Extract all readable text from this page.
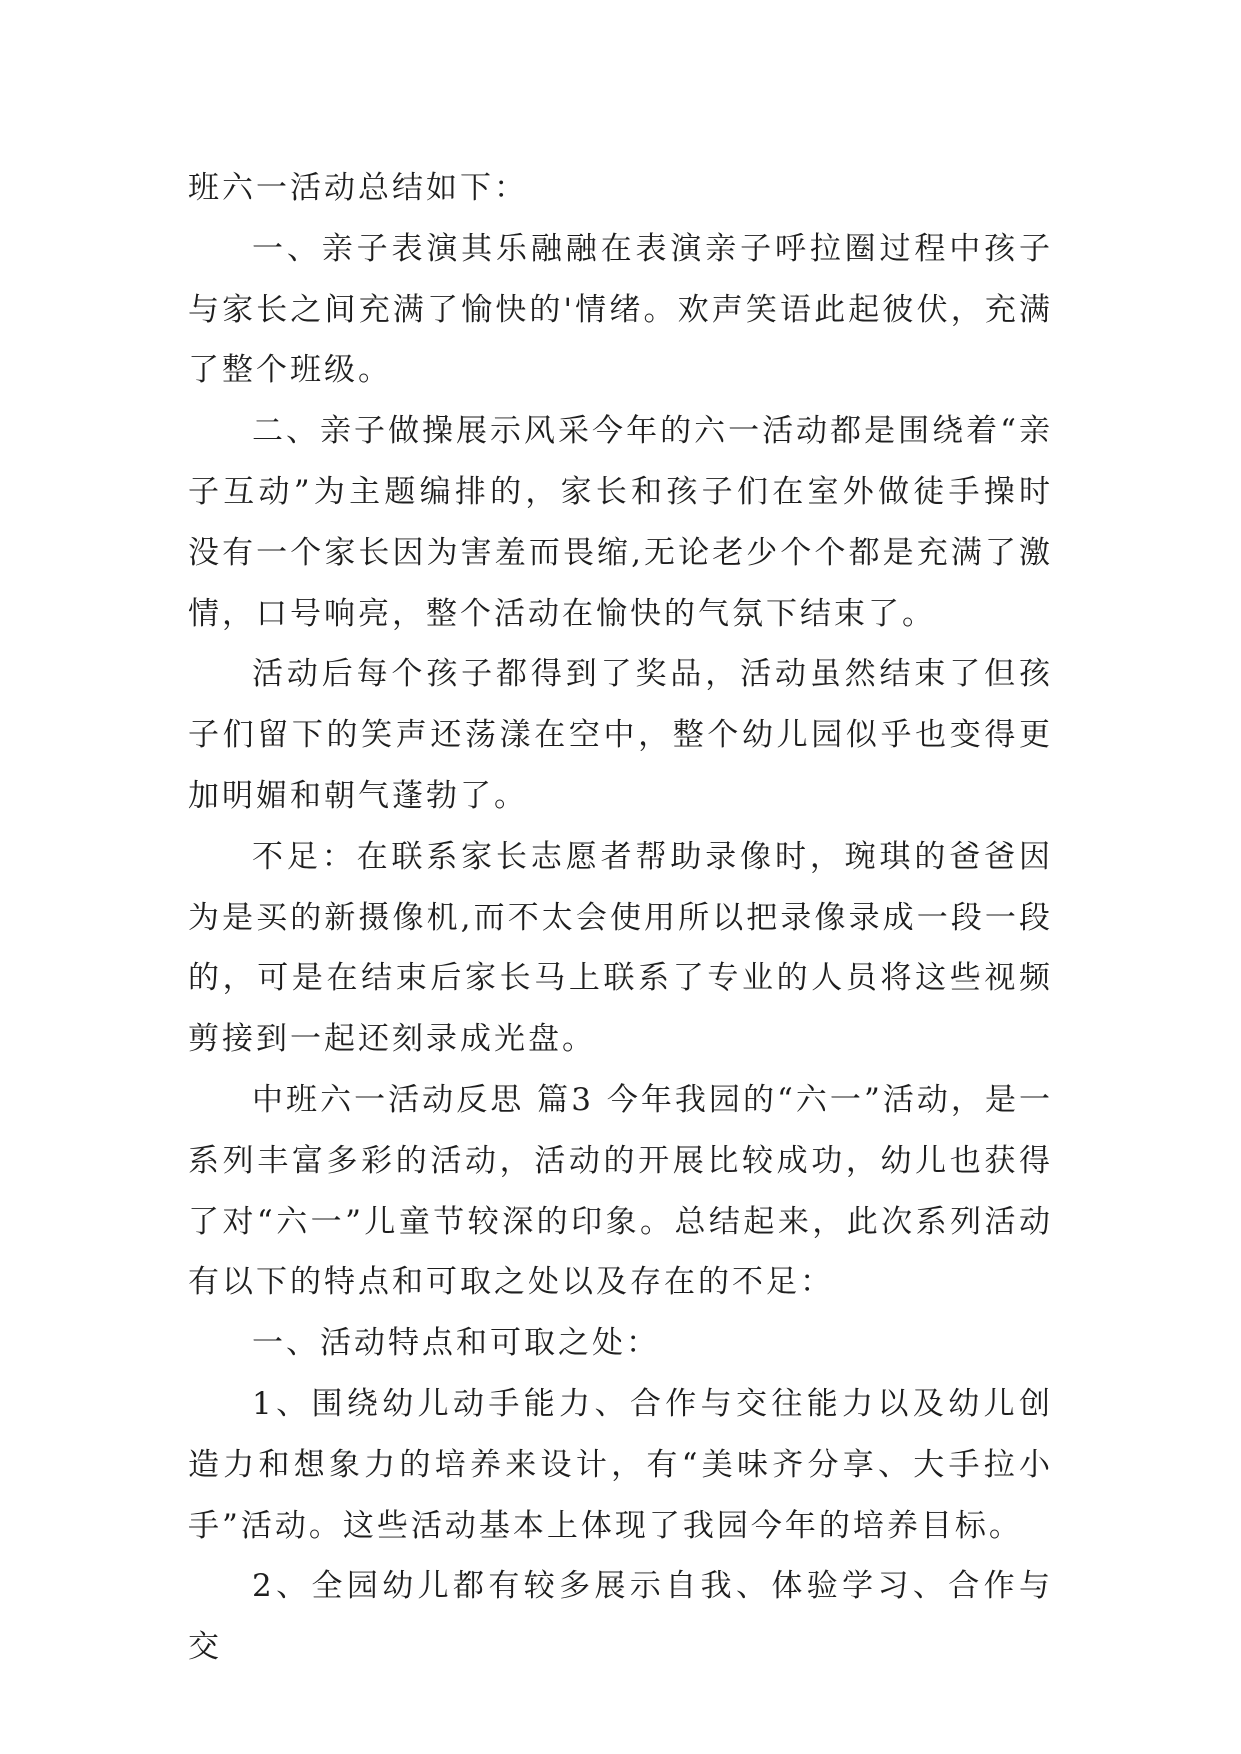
班六一活动总结如下：

一、亲子表演其乐融融在表演亲子呼拉圈过程中孩子与家长之间充满了愉快的'情绪。欢声笑语此起彼伏，充满了整个班级。

二、亲子做操展示风采今年的六一活动都是围绕着“亲子互动”为主题编排的，家长和孩子们在室外做徒手操时没有一个家长因为害羞而畏缩,无论老少个个都是充满了激情，口号响亮，整个活动在愉快的气氛下结束了。

活动后每个孩子都得到了奖品，活动虽然结束了但孩子们留下的笑声还荡漾在空中，整个幼儿园似乎也变得更加明媚和朝气蓬勃了。

不足：在联系家长志愿者帮助录像时，琬琪的爸爸因为是买的新摄像机,而不太会使用所以把录像录成一段一段的，可是在结束后家长马上联系了专业的人员将这些视频剪接到一起还刻录成光盘。

中班六一活动反思 篇3 今年我园的“六一”活动，是一系列丰富多彩的活动，活动的开展比较成功，幼儿也获得了对“六一”儿童节较深的印象。总结起来，此次系列活动有以下的特点和可取之处以及存在的不足：

一、活动特点和可取之处：

1、围绕幼儿动手能力、合作与交往能力以及幼儿创造力和想象力的培养来设计，有“美味齐分享、大手拉小手”活动。这些活动基本上体现了我园今年的培养目标。

2、全园幼儿都有较多展示自我、体验学习、合作与交
